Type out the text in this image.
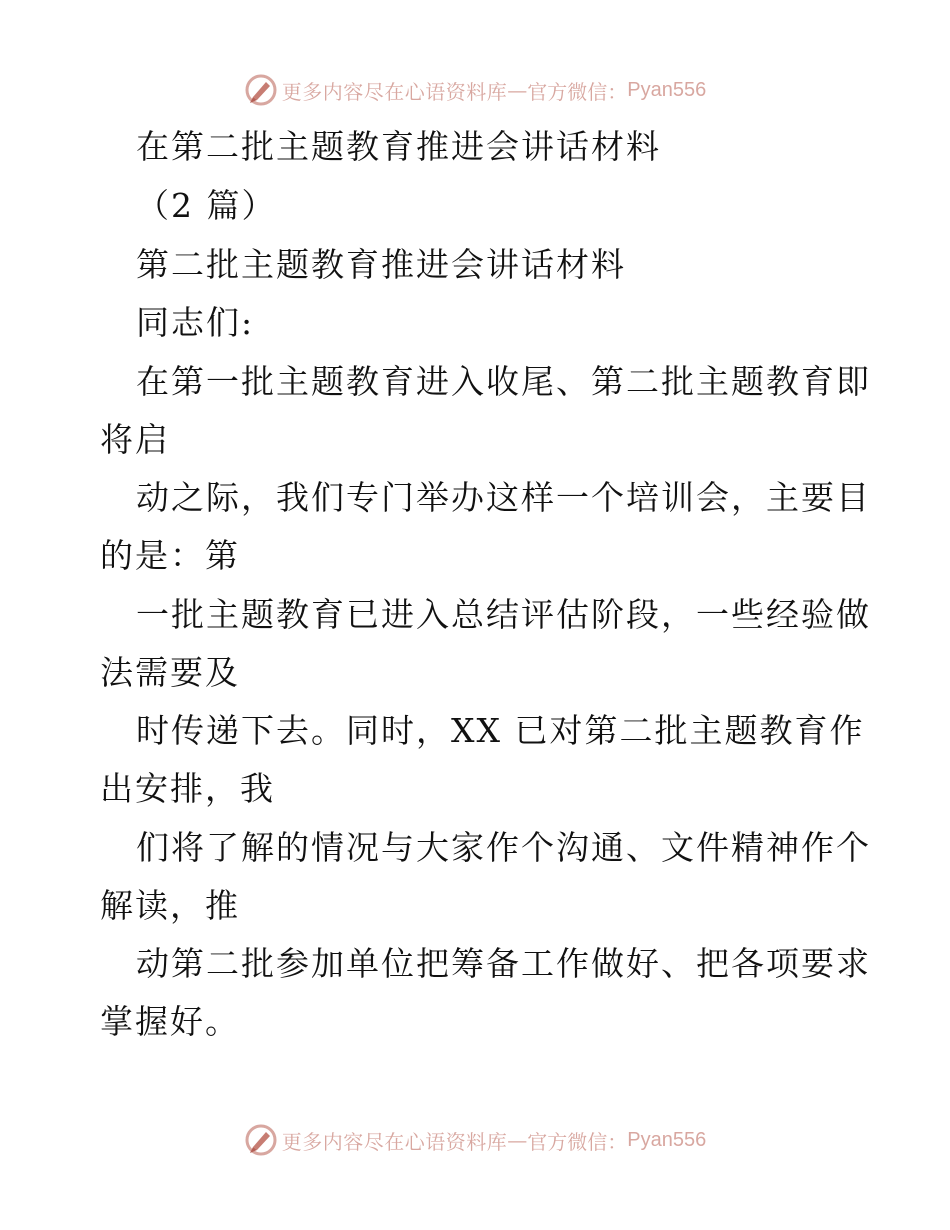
更多内容尽在心语资料库 — 官方微信： Pyan556
在第二批主题教育推进会讲话材料
（2 篇）
第二批主题教育推进会讲话材料
同志们:
在第一批主题教育进入收尾、第二批主题教育即
将启
动之际，我们专门举办这样一个培训会，主要目
的是：第
一批主题教育已进入总结评估阶段，一些经验做
法需要及
时传递下去。同时，XX 已对第二批主题教育作
出安排，我
们将了解的情况与大家作个沟通、文件精神作个
解读，推
动第二批参加单位把筹备工作做好、把各项要求
掌握好。
更多内容尽在心语资料库 — 官方微信： Pyan556
